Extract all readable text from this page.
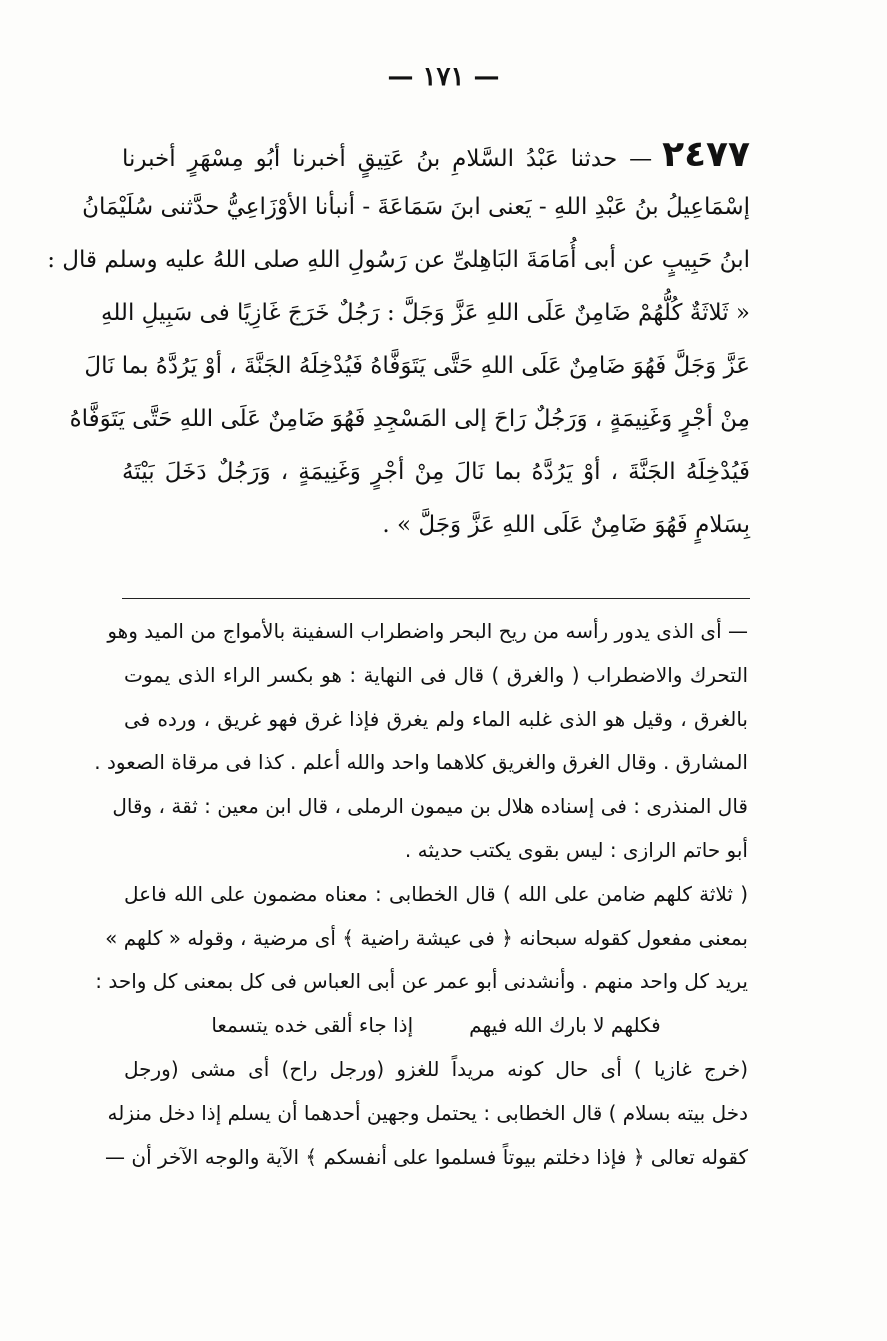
— ١٧١ —
٢٤٧٧— حدثنا عَبْدُ السَّلامِ بنُ عَتِيقٍ أخبرنا أبُو مِسْهَرٍ أخبرنا
إسْمَاعِيلُ بنُ عَبْدِ اللهِ - يَعنى ابنَ سَمَاعَةَ - أنبأنا الأوْزَاعِيُّ حدَّثنى سُلَيْمَانُ
ابنُ حَبِيبٍ عن أبى أُمَامَةَ البَاهِلىِّ عن رَسُولِ اللهِ صلى اللهُ عليه وسلم قال :
« ثَلاثَةٌ كُلُّهُمْ ضَامِنٌ عَلَى اللهِ عَزَّ وَجَلَّ : رَجُلٌ خَرَجَ غَازِيًا فى سَبِيلِ اللهِ
عَزَّ وَجَلَّ فَهُوَ ضَامِنٌ عَلَى اللهِ حَتَّى يَتَوَفَّاهُ فَيُدْخِلَهُ الجَنَّةَ ، أوْ يَرُدَّهُ بما نَالَ
مِنْ أجْرٍ وَغَنِيمَةٍ ، وَرَجُلٌ رَاحَ إلى المَسْجِدِ فَهُوَ ضَامِنٌ عَلَى اللهِ حَتَّى يَتَوَفَّاهُ
فَيُدْخِلَهُ الجَنَّةَ ، أوْ يَرُدَّهُ بما نَالَ مِنْ أجْرٍ وَغَنِيمَةٍ ، وَرَجُلٌ دَخَلَ بَيْتَهُ
بِسَلامٍ فَهُوَ ضَامِنٌ عَلَى اللهِ عَزَّ وَجَلَّ » .
— أى الذى يدور رأسه من ريح البحر واضطراب السفينة بالأمواج من الميد وهو
التحرك والاضطراب ( والغرق ) قال فى النهاية : هو بكسر الراء الذى يموت
بالغرق ، وقيل هو الذى غلبه الماء ولم يغرق فإذا غرق فهو غريق ، ورده فى
المشارق . وقال الغرق والغريق كلاهما واحد والله أعلم . كذا فى مرقاة الصعود .
قال المنذرى : فى إسناده هلال بن ميمون الرملى ، قال ابن معين : ثقة ، وقال
أبو حاتم الرازى : ليس بقوى يكتب حديثه .
( ثلاثة كلهم ضامن على الله ) قال الخطابى : معناه مضمون على الله فاعل
بمعنى مفعول كقوله سبحانه ﴿ فى عيشة راضية ﴾ أى مرضية ، وقوله « كلهم »
يريد كل واحد منهم . وأنشدنى أبو عمر عن أبى العباس فى كل بمعنى كل واحد :
فكلهم لا بارك الله فيهمإذا جاء ألقى خده يتسمعا
(خرج غازيا ) أى حال كونه مريداً للغزو (ورجل راح) أى مشى (ورجل
دخل بيته بسلام ) قال الخطابى : يحتمل وجهين أحدهما أن يسلم إذا دخل منزله
كقوله تعالى ﴿ فإذا دخلتم بيوتاً فسلموا على أنفسكم ﴾ الآية والوجه الآخر أن —
